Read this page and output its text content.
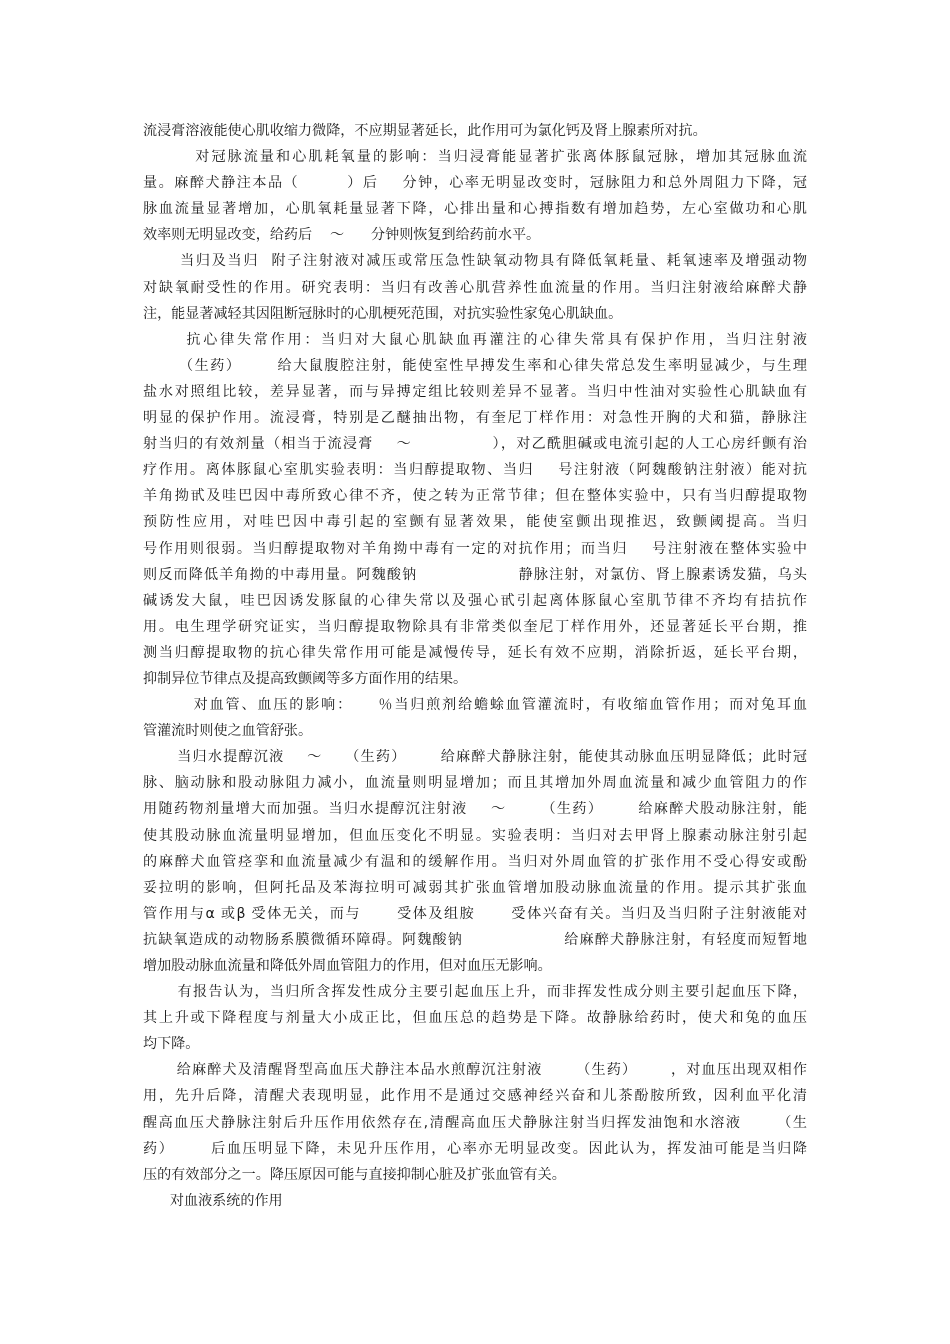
流浸膏溶液能使心肌收缩力微降，不应期显著延长，此作用可为氯化钙及肾上腺素所对抗。
对冠脉流量和心肌耗氧量的影响：当归浸膏能显著扩张离体豚鼠冠脉，增加其冠脉血流
量。麻醉犬静注本品（        ）后    分钟，心率无明显改变时，冠脉阻力和总外周阻力下降，冠
脉血流量显著增加，心肌氧耗量显著下降，心排出量和心搏指数有增加趋势，左心室做功和心肌
效率则无明显改变，给药后    ～      分钟则恢复到给药前水平。
当归及当归  附子注射液对减压或常压急性缺氧动物具有降低氧耗量、耗氧速率及增强动物
对缺氧耐受性的作用。研究表明：当归有改善心肌营养性血流量的作用。当归注射液给麻醉犬静
注，能显著减轻其因阻断冠脉时的心肌梗死范围，对抗实验性家兔心肌缺血。
抗心律失常作用：当归对大鼠心肌缺血再灌注的心律失常具有保护作用，当归注射液
（生药）      给大鼠腹腔注射，能使室性早搏发生率和心律失常总发生率明显减少，与生理
盐水对照组比较，差异显著，而与异搏定组比较则差异不显著。当归中性油对实验性心肌缺血有
明显的保护作用。流浸膏，特别是乙醚抽出物，有奎尼丁样作用：对急性开胸的犬和猫，静脉注
射当归的有效剂量（相当于流浸膏    ～              ），对乙酰胆碱或电流引起的人工心房纤颤有治
疗作用。离体豚鼠心室肌实验表明：当归醇提取物、当归    号注射液（阿魏酸钠注射液）能对抗
羊角拗甙及哇巴因中毒所致心律不齐，使之转为正常节律；但在整体实验中，只有当归醇提取物
预防性应用，对哇巴因中毒引起的室颤有显著效果，能使室颤出现推迟，致颤阈提高。当归
号作用则很弱。当归醇提取物对羊角拗中毒有一定的对抗作用；而当归    号注射液在整体实验中
则反而降低羊角拗的中毒用量。阿魏酸钠                  静脉注射，对氯仿、肾上腺素诱发猫，乌头
碱诱发大鼠，哇巴因诱发豚鼠的心律失常以及强心甙引起离体豚鼠心室肌节律不齐均有拮抗作
用。电生理学研究证实，当归醇提取物除具有非常类似奎尼丁样作用外，还显著延长平台期，推
测当归醇提取物的抗心律失常作用可能是减慢传导，延长有效不应期，消除折返，延长平台期，
抑制异位节律点及提高致颤阈等多方面作用的结果。
对血管、血压的影响：    ％当归煎剂给蟾蜍血管灌流时，有收缩血管作用；而对兔耳血
管灌流时则使之血管舒张。
当归水提醇沉液    ～    （生药）      给麻醉犬静脉注射，能使其动脉血压明显降低；此时冠
脉、脑动脉和股动脉阻力减小，血流量则明显增加；而且其增加外周血流量和减少血管阻力的作
用随药物剂量增大而加强。当归水提醇沉注射液    ～      （生药）      给麻醉犬股动脉注射，能
使其股动脉血流量明显增加，但血压变化不明显。实验表明：当归对去甲肾上腺素动脉注射引起
的麻醉犬血管痉挛和血流量减少有温和的缓解作用。当归对外周血管的扩张作用不受心得安或酚
妥拉明的影响，但阿托品及苯海拉明可减弱其扩张血管增加股动脉血流量的作用。提示其扩张血
管作用与α 或β 受体无关，而与      受体及组胺      受体兴奋有关。当归及当归附子注射液能对
抗缺氧造成的动物肠系膜微循环障碍。阿魏酸钠                  给麻醉犬静脉注射，有轻度而短暂地
增加股动脉血流量和降低外周血管阻力的作用，但对血压无影响。
有报告认为，当归所含挥发性成分主要引起血压上升，而非挥发性成分则主要引起血压下降，
其上升或下降程度与剂量大小成正比，但血压总的趋势是下降。故静脉给药时，使犬和兔的血压
均下降。
给麻醉犬及清醒肾型高血压犬静注本品水煎醇沉注射液      （生药）      ，对血压出现双相作
用，先升后降，清醒犬表现明显，此作用不是通过交感神经兴奋和儿茶酚胺所致，因利血平化清
醒高血压犬静脉注射后升压作用依然存在,清醒高血压犬静脉注射当归挥发油饱和水溶液      （生
药）      后血压明显下降，未见升压作用，心率亦无明显改变。因此认为，挥发油可能是当归降
压的有效部分之一。降压原因可能与直接抑制心脏及扩张血管有关。
对血液系统的作用
